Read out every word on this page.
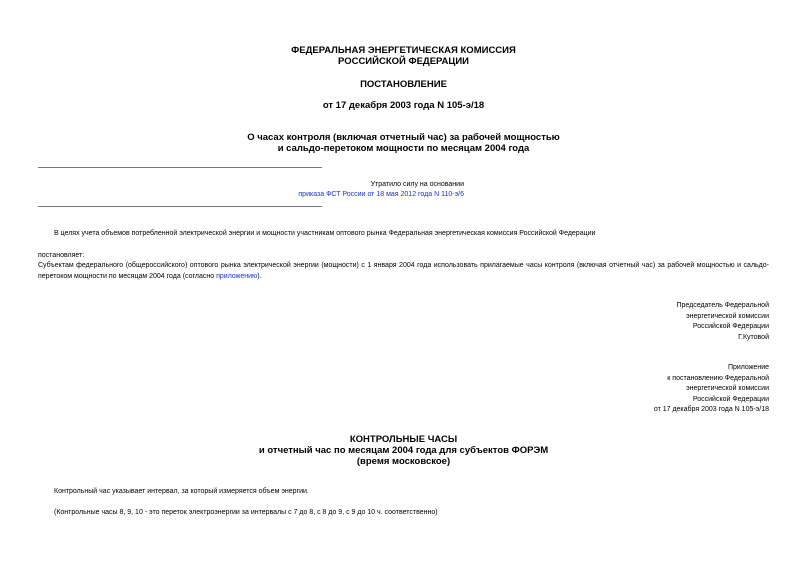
ФЕДЕРАЛЬНАЯ ЭНЕРГЕТИЧЕСКАЯ КОМИССИЯ
РОССИЙСКОЙ ФЕДЕРАЦИИ
ПОСТАНОВЛЕНИЕ
от 17 декабря 2003 года N 105-э/18
О часах контроля (включая отчетный час) за рабочей мощностью
и сальдо-перетоком мощности по месяцам 2004 года
Утратило силу на основании
приказа ФСТ России от 18 мая 2012 года N 110-э/6
В целях учета объемов потребленной электрической энергии и мощности участникам оптового рынка Федеральная энергетическая комиссия Российской Федерации
постановляет:
Субъектам федерального (общероссийского) оптового рынка электрической энергии (мощности) с 1 января 2004 года использовать прилагаемые часы контроля (включая отчетный час) за рабочей мощностью и сальдо-перетоком мощности по месяцам 2004 года (согласно приложению).
Председатель Федеральной
энергетической комиссии
Российской Федерации
Г.Кутовой
Приложение
к постановлению Федеральной
энергетической комиссии
Российской Федерации
от 17 декабря 2003 года N 105-э/18
КОНТРОЛЬНЫЕ ЧАСЫ
и отчетный час по месяцам 2004 года для субъектов ФОРЭМ
(время московское)
Контрольный час указывает интервал, за который измеряется объем энергии.
(Контрольные часы 8, 9, 10 - это переток электроэнергии за интервалы с 7 до 8, с 8 до 9, с 9 до 10 ч. соответственно)
